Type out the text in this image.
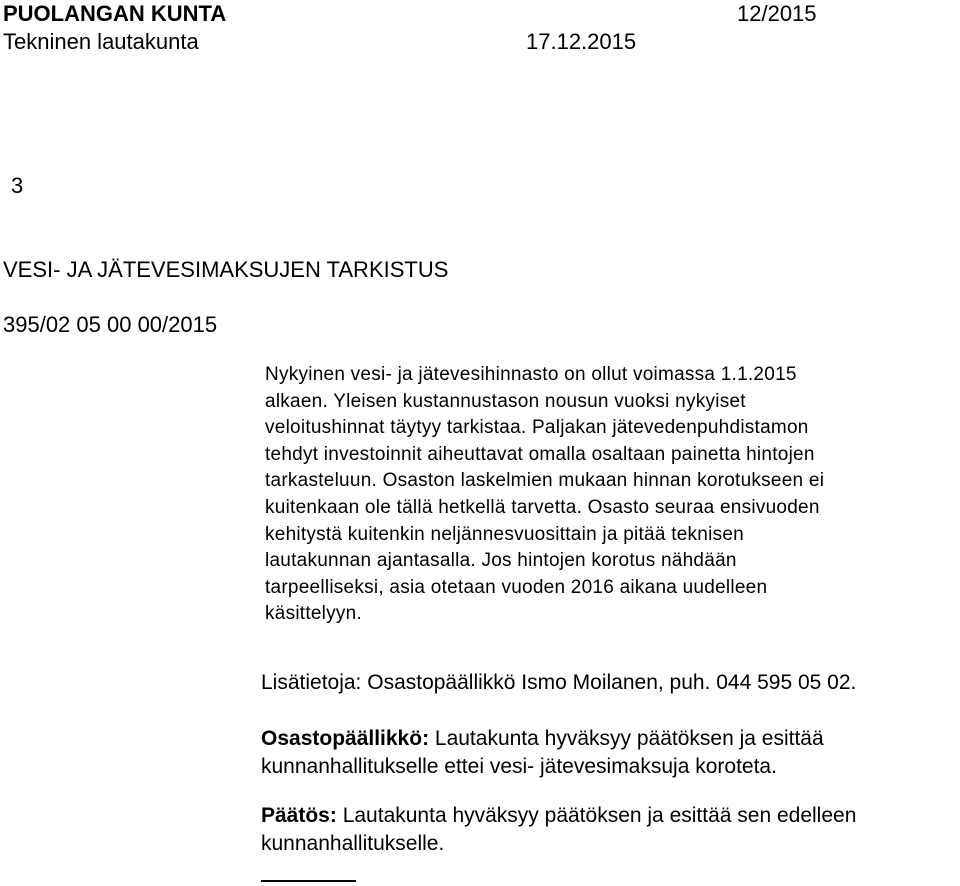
PUOLANGAN KUNTA	12/2015
Tekninen lautakunta	17.12.2015
3
VESI- JA JÄTEVESIMAKSUJEN TARKISTUS
395/02 05 00 00/2015
Nykyinen vesi- ja jätevesihinnasto on ollut voimassa 1.1.2015
alkaen. Yleisen kustannustason nousun vuoksi nykyiset
veloitushinnat täytyy tarkistaa. Paljakan jätevedenpuhdistamon
tehdyt investoinnit aiheuttavat omalla osaltaan painetta hintojen
tarkasteluun. Osaston laskelmien mukaan hinnan korotukseen ei
kuitenkaan ole tällä hetkellä tarvetta. Osasto seuraa ensivuoden
kehitystä kuitenkin neljännesvuosittain ja pitää teknisen
lautakunnan ajantasalla. Jos hintojen korotus nähdään
tarpeelliseksi, asia otetaan vuoden 2016 aikana uudelleen
käsittelyyn.
Lisätietoja: Osastopäällikkö Ismo Moilanen, puh. 044 595 05 02.
Osastopäällikkö: Lautakunta hyväksyy päätöksen ja esittää
kunnanhallitukselle ettei vesi- jätevesimaksuja koroteta.
Päätös: Lautakunta hyväksyy päätöksen ja esittää sen edelleen
kunnanhallitukselle.
